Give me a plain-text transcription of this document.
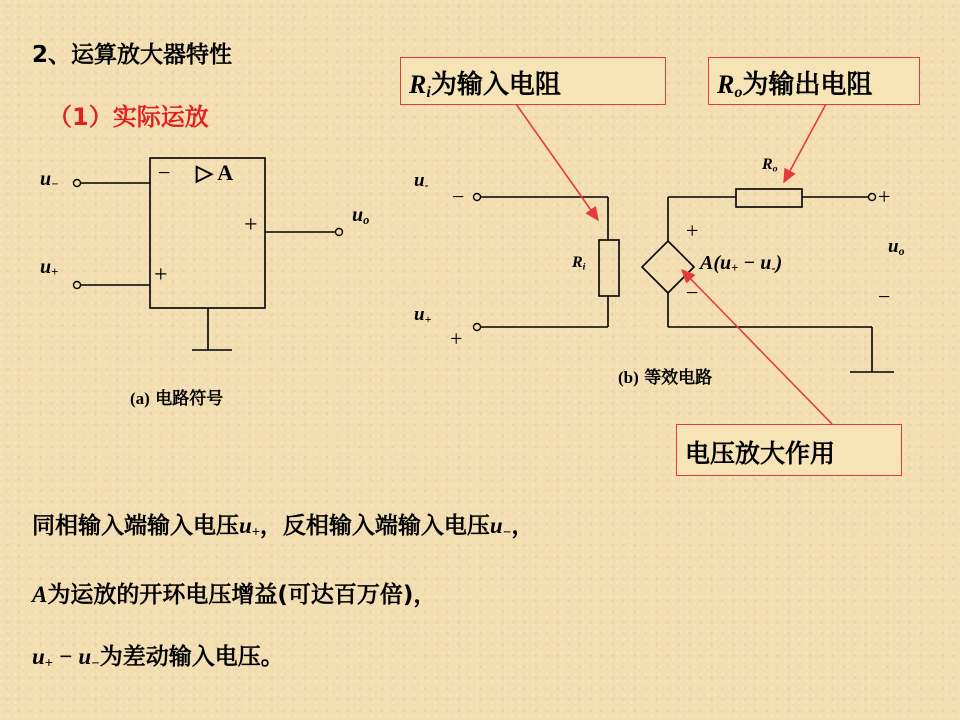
2、运算放大器特性
（1）实际运放
$R_i$为输入电阻	$R_o$为输出电阻
电压放大作用
$u_-$
$u_+$
$u_o$
− ▷ A
+
+
(a) 电路符号
$u_-$ −
$u_+$
+
$R_i$
$R_o$
$A(u_+ - u_-)$
+
−
+
$u_o$
−
(b) 等效电路
同相输入端输入电压$u_+$，反相输入端输入电压$u_-$，
A为运放的开环电压增益(可达百万倍)，
$u_+ - u_-$为差动输入电压。
